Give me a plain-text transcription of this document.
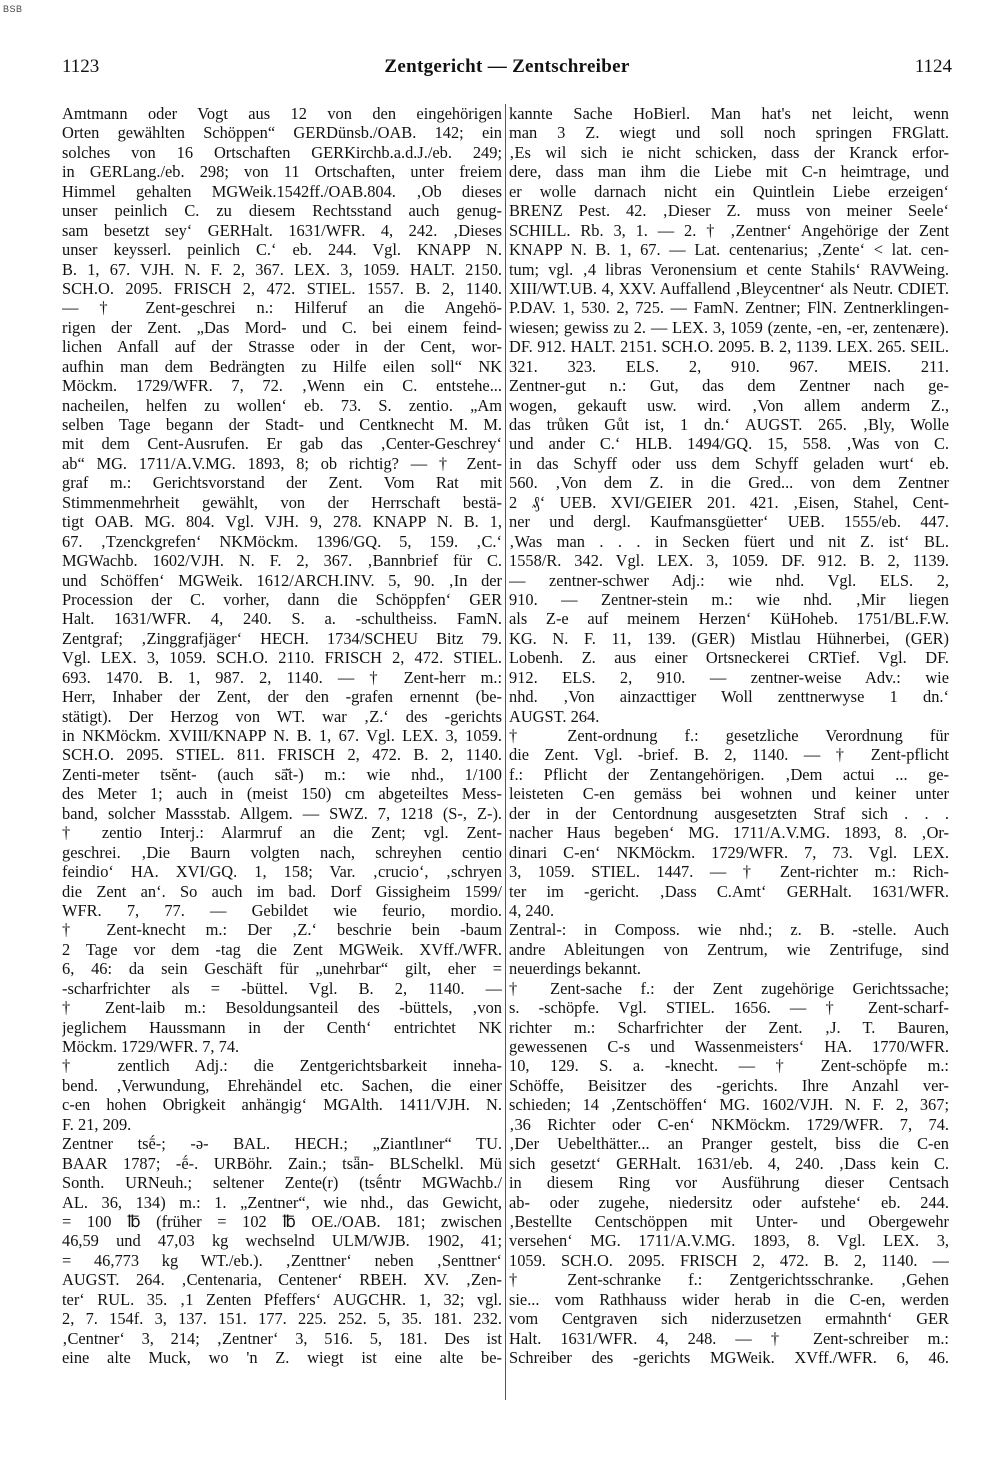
BSB
1123	Zentgericht — Zentschreiber	1124
Amtmann oder Vogt aus 12 von den eingehörigen
Orten gewählten Schöppen“ GERDünsb./OAB. 142; ein
solches von 16 Ortschaften GERKirchb.a.d.J./eb. 249;
in GERLang./eb. 298; von 11 Ortschaften, unter freiem
Himmel gehalten MGWeik.1542ff./OAB.804. ‚Ob dieses
unser peinlich C. zu diesem Rechtsstand auch genug-
sam besetzt sey‘ GERHalt. 1631/WFR. 4, 242. ‚Dieses
unser keysserl. peinlich C.‘ eb. 244. Vgl. KNAPP N.
B. 1, 67. VJH. N. F. 2, 367. LEX. 3, 1059. HALT. 2150.
SCH.O. 2095. FRISCH 2, 472. STIEL. 1557. B. 2, 1140.
— † Zent-geschrei n.: Hilferuf an die Angehö-
rigen der Zent. „Das Mord- und C. bei einem feind-
lichen Anfall auf der Strasse oder in der Cent, wor-
aufhin man dem Bedrängten zu Hilfe eilen soll“ NK
Möckm. 1729/WFR. 7, 72. ‚Wenn ein C. entstehe...
nacheilen, helfen zu wollen‘ eb. 73. S. zentio. „Am
selben Tage begann der Stadt- und Centknecht M. M.
mit dem Cent-Ausrufen. Er gab das ‚Center-Geschrey‘
ab“ MG. 1711/A.V.MG. 1893, 8; ob richtig? — † Zent-
graf m.: Gerichtsvorstand der Zent. Vom Rat mit
Stimmenmehrheit gewählt, von der Herrschaft bestä-
tigt OAB. MG. 804. Vgl. VJH. 9, 278. KNAPP N. B. 1,
67. ‚Tzenckgrefen‘ NKMöckm. 1396/GQ. 5, 159. ‚C.‘
MGWachb. 1602/VJH. N. F. 2, 367. ‚Bannbrief für C.
und Schöffen‘ MGWeik. 1612/ARCH.INV. 5, 90. ‚In der
Procession der C. vorher, dann die Schöppfen‘ GER
Halt. 1631/WFR. 4, 240. S. a. -schultheiss. FamN.
Zentgraf; ‚Zinggrafjäger‘ HECH. 1734/SCHEU Bitz 79.
Vgl. LEX. 3, 1059. SCH.O. 2110. FRISCH 2, 472. STIEL.
693. 1470. B. 1, 987. 2, 1140. — † Zent-herr m.:
Herr, Inhaber der Zent, der den -grafen ernennt (be-
stätigt). Der Herzog von WT. war ‚Z.‘ des -gerichts
in NKMöckm. XVIII/KNAPP N. B. 1, 67. Vgl. LEX. 3, 1059.
SCH.O. 2095. STIEL. 811. FRISCH 2, 472. B. 2, 1140.
Zenti-meter tsĕnt- (auch sā̆t-) m.: wie nhd., 1/100
des Meter 1; auch in (meist 150) cm abgeteiltes Mess-
band, solcher Massstab. Allgem. — SWZ. 7, 1218 (S-, Z-).
† zentio Interj.: Alarmruf an die Zent; vgl. Zent-
geschrei. ‚Die Baurn volgten nach, schreyhen centio
feindio‘ HA. XVI/GQ. 1, 158; Var. ‚crucio‘, ‚schryen
die Zent an‘. So auch im bad. Dorf Gissigheim 1599/
WFR. 7, 77. — Gebildet wie feurio, mordio.
† Zent-knecht m.: Der ‚Z.‘ beschrie bein -baum
2 Tage vor dem -tag die Zent MGWeik. XVff./WFR.
6, 46: da sein Geschäft für „unehrbar“ gilt, eher =
-scharfrichter als = -büttel. Vgl. B. 2, 1140. —
† Zent-laib m.: Besoldungsanteil des -büttels, ‚von
jeglichem Haussmann in der Centh‘ entrichtet NK
Möckm. 1729/WFR. 7, 74.
† zentlich Adj.: die Zentgerichtsbarkeit inneha-
bend. ‚Verwundung, Ehrehändel etc. Sachen, die einer
c-en hohen Obrigkeit anhängig‘ MGAlth. 1411/VJH. N.
F. 21, 209.
Zentner tsḗ-; -ə- BAL. HECH.; „Ziantlıner“ TU.
BAAR 1787; -ḗ-. URBöhr. Zain.; tsǟn- BLSchelkl. Mü
Sonth. URNeuh.; seltener Zente(r) (tsḗntr MGWachb./
AL. 36, 134) m.: 1. „Zentner“, wie nhd., das Gewicht,
= 100 ℔ (früher = 102 ℔ OE./OAB. 181; zwischen
46,59 und 47,03 kg wechselnd ULM/WJB. 1902, 41;
= 46,773 kg WT./eb.). ‚Zenttner‘ neben ‚Senttner‘
AUGST. 264. ‚Centenaria, Centener‘ RBEH. XV. ‚Zen-
ter‘ RUL. 35. ‚1 Zenten Pfeffers‘ AUGCHR. 1, 32; vgl.
2, 7. 154f. 3, 137. 151. 177. 225. 252. 5, 35. 181. 232.
‚Centner‘ 3, 214; ‚Zentner‘ 3, 516. 5, 181. Des ist
eine alte Muck, wo 'n Z. wiegt ist eine alte be-
kannte Sache HoBierl. Man hat's net leicht, wenn
man 3 Z. wiegt und soll noch springen FRGlatt.
‚Es wil sich ie nicht schicken, dass der Kranck erfor-
dere, dass man ihm die Liebe mit C-n heimtrage, und
er wolle darnach nicht ein Quintlein Liebe erzeigen‘
BRENZ Pest. 42. ‚Dieser Z. muss von meiner Seele‘
SCHILL. Rb. 3, 1. — 2. † ‚Zentner‘ Angehörige der Zent
KNAPP N. B. 1, 67. — Lat. centenarius; ‚Zente‘ < lat. cen-
tum; vgl. ‚4 libras Veronensium et cente Stahils‘ RAVWeing.
XIII/WT.UB. 4, XXV. Auffallend ‚Bleycentner‘ als Neutr. CDIET.
P.DAV. 1, 530. 2, 725. — FamN. Zentner; FlN. Zentnerklingen-
wiesen; gewiss zu 2. — LEX. 3, 1059 (zente, -en, -er, zentenære).
DF. 912. HALT. 2151. SCH.O. 2095. B. 2, 1139. LEX. 265. SEIL.
321. 323. ELS. 2, 910. 967. MEIS. 211.
Zentner-gut n.: Gut, das dem Zentner nach ge-
wogen, gekauft usw. wird. ‚Von allem anderm Z.,
das trůken Gůt ist, 1 dn.‘ AUGST. 265. ‚Bly, Wolle
und ander C.‘ HLB. 1494/GQ. 15, 558. ‚Was von C.
in das Schyff oder uss dem Schyff geladen wurt‘ eb.
560. ‚Von dem Z. in die Gred... von dem Zentner
2 ₰‘ UEB. XVI/GEIER 201. 421. ‚Eisen, Stahel, Cent-
ner und dergl. Kaufmansgüetter‘ UEB. 1555/eb. 447.
‚Was man . . . in Secken füert und nit Z. ist‘ BL.
1558/R. 342. Vgl. LEX. 3, 1059. DF. 912. B. 2, 1139.
— zentner-schwer Adj.: wie nhd. Vgl. ELS. 2,
910. — Zentner-stein m.: wie nhd. ‚Mir liegen
als Z-e auf meinem Herzen‘ KüHoheb. 1751/BL.F.W.
KG. N. F. 11, 139. (GER) Mistlau Hühnerbei, (GER)
Lobenh. Z. aus einer Ortsneckerei CRTief. Vgl. DF.
912. ELS. 2, 910. — zentner-weise Adv.: wie
nhd. ‚Von ainzacttiger Woll zenttnerwyse 1 dn.‘
AUGST. 264.
† Zent-ordnung f.: gesetzliche Verordnung für
die Zent. Vgl. -brief. B. 2, 1140. — † Zent-pflicht
f.: Pflicht der Zentangehörigen. ‚Dem actui ... ge-
leisteten C-en gemäss bei wohnen und keiner unter
der in der Centordnung ausgesetzten Straf sich . . .
nacher Haus begeben‘ MG. 1711/A.V.MG. 1893, 8. ‚Or-
dinari C-en‘ NKMöckm. 1729/WFR. 7, 73. Vgl. LEX.
3, 1059. STIEL. 1447. — † Zent-richter m.: Rich-
ter im -gericht. ‚Dass C.Amt‘ GERHalt. 1631/WFR.
4, 240.
Zentral-: in Composs. wie nhd.; z. B. -stelle. Auch
andre Ableitungen von Zentrum, wie Zentrifuge, sind
neuerdings bekannt.
† Zent-sache f.: der Zent zugehörige Gerichtssache;
s. -schöpfe. Vgl. STIEL. 1656. — † Zent-scharf-
richter m.: Scharfrichter der Zent. ‚J. T. Bauren,
gewessenen C-s und Wassenmeisters‘ HA. 1770/WFR.
10, 129. S. a. -knecht. — † Zent-schöpfe m.:
Schöffe, Beisitzer des -gerichts. Ihre Anzahl ver-
schieden; 14 ‚Zentschöffen‘ MG. 1602/VJH. N. F. 2, 367;
‚36 Richter oder C-en‘ NKMöckm. 1729/WFR. 7, 74.
‚Der Uebelthätter... an Pranger gestelt, biss die C-en
sich gesetzt‘ GERHalt. 1631/eb. 4, 240. ‚Dass kein C.
in diesem Ring vor Ausführung dieser Centsach
ab- oder zugehe, niedersitz oder aufstehe‘ eb. 244.
‚Bestellte Centschöppen mit Unter- und Obergewehr
versehen‘ MG. 1711/A.V.MG. 1893, 8. Vgl. LEX. 3,
1059. SCH.O. 2095. FRISCH 2, 472. B. 2, 1140. —
† Zent-schranke f.: Zentgerichtsschranke. ‚Gehen
sie... vom Rathhauss wider herab in die C-en, werden
vom Centgraven sich niderzusetzen ermahnth‘ GER
Halt. 1631/WFR. 4, 248. — † Zent-schreiber m.:
Schreiber des -gerichts MGWeik. XVff./WFR. 6, 46.
